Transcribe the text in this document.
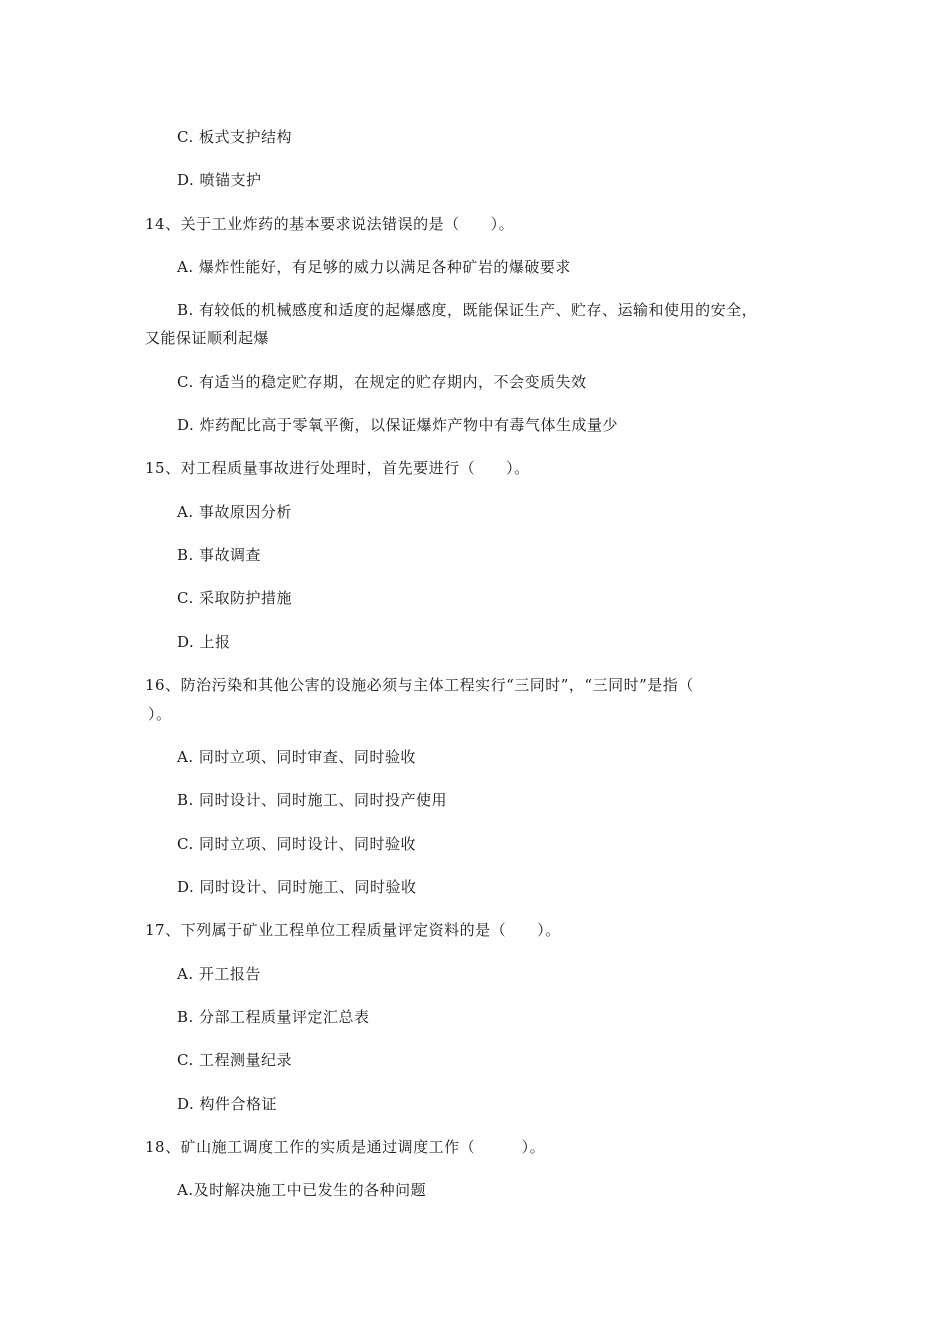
C. 板式支护结构
D. 喷锚支护
14、关于工业炸药的基本要求说法错误的是（　　）。
A. 爆炸性能好，有足够的威力以满足各种矿岩的爆破要求
B. 有较低的机械感度和适度的起爆感度，既能保证生产、贮存、运输和使用的安全，
又能保证顺利起爆
C. 有适当的稳定贮存期，在规定的贮存期内，不会变质失效
D. 炸药配比高于零氧平衡，以保证爆炸产物中有毒气体生成量少
15、对工程质量事故进行处理时，首先要进行（　　）。
A. 事故原因分析
B. 事故调查
C. 采取防护措施
D. 上报
16、防治污染和其他公害的设施必须与主体工程实行“三同时”，“三同时”是指（
）。
A. 同时立项、同时审查、同时验收
B. 同时设计、同时施工、同时投产使用
C. 同时立项、同时设计、同时验收
D. 同时设计、同时施工、同时验收
17、下列属于矿业工程单位工程质量评定资料的是（　　）。
A. 开工报告
B. 分部工程质量评定汇总表
C. 工程测量纪录
D. 构件合格证
18、矿山施工调度工作的实质是通过调度工作（　　　）。
A.及时解决施工中已发生的各种问题
